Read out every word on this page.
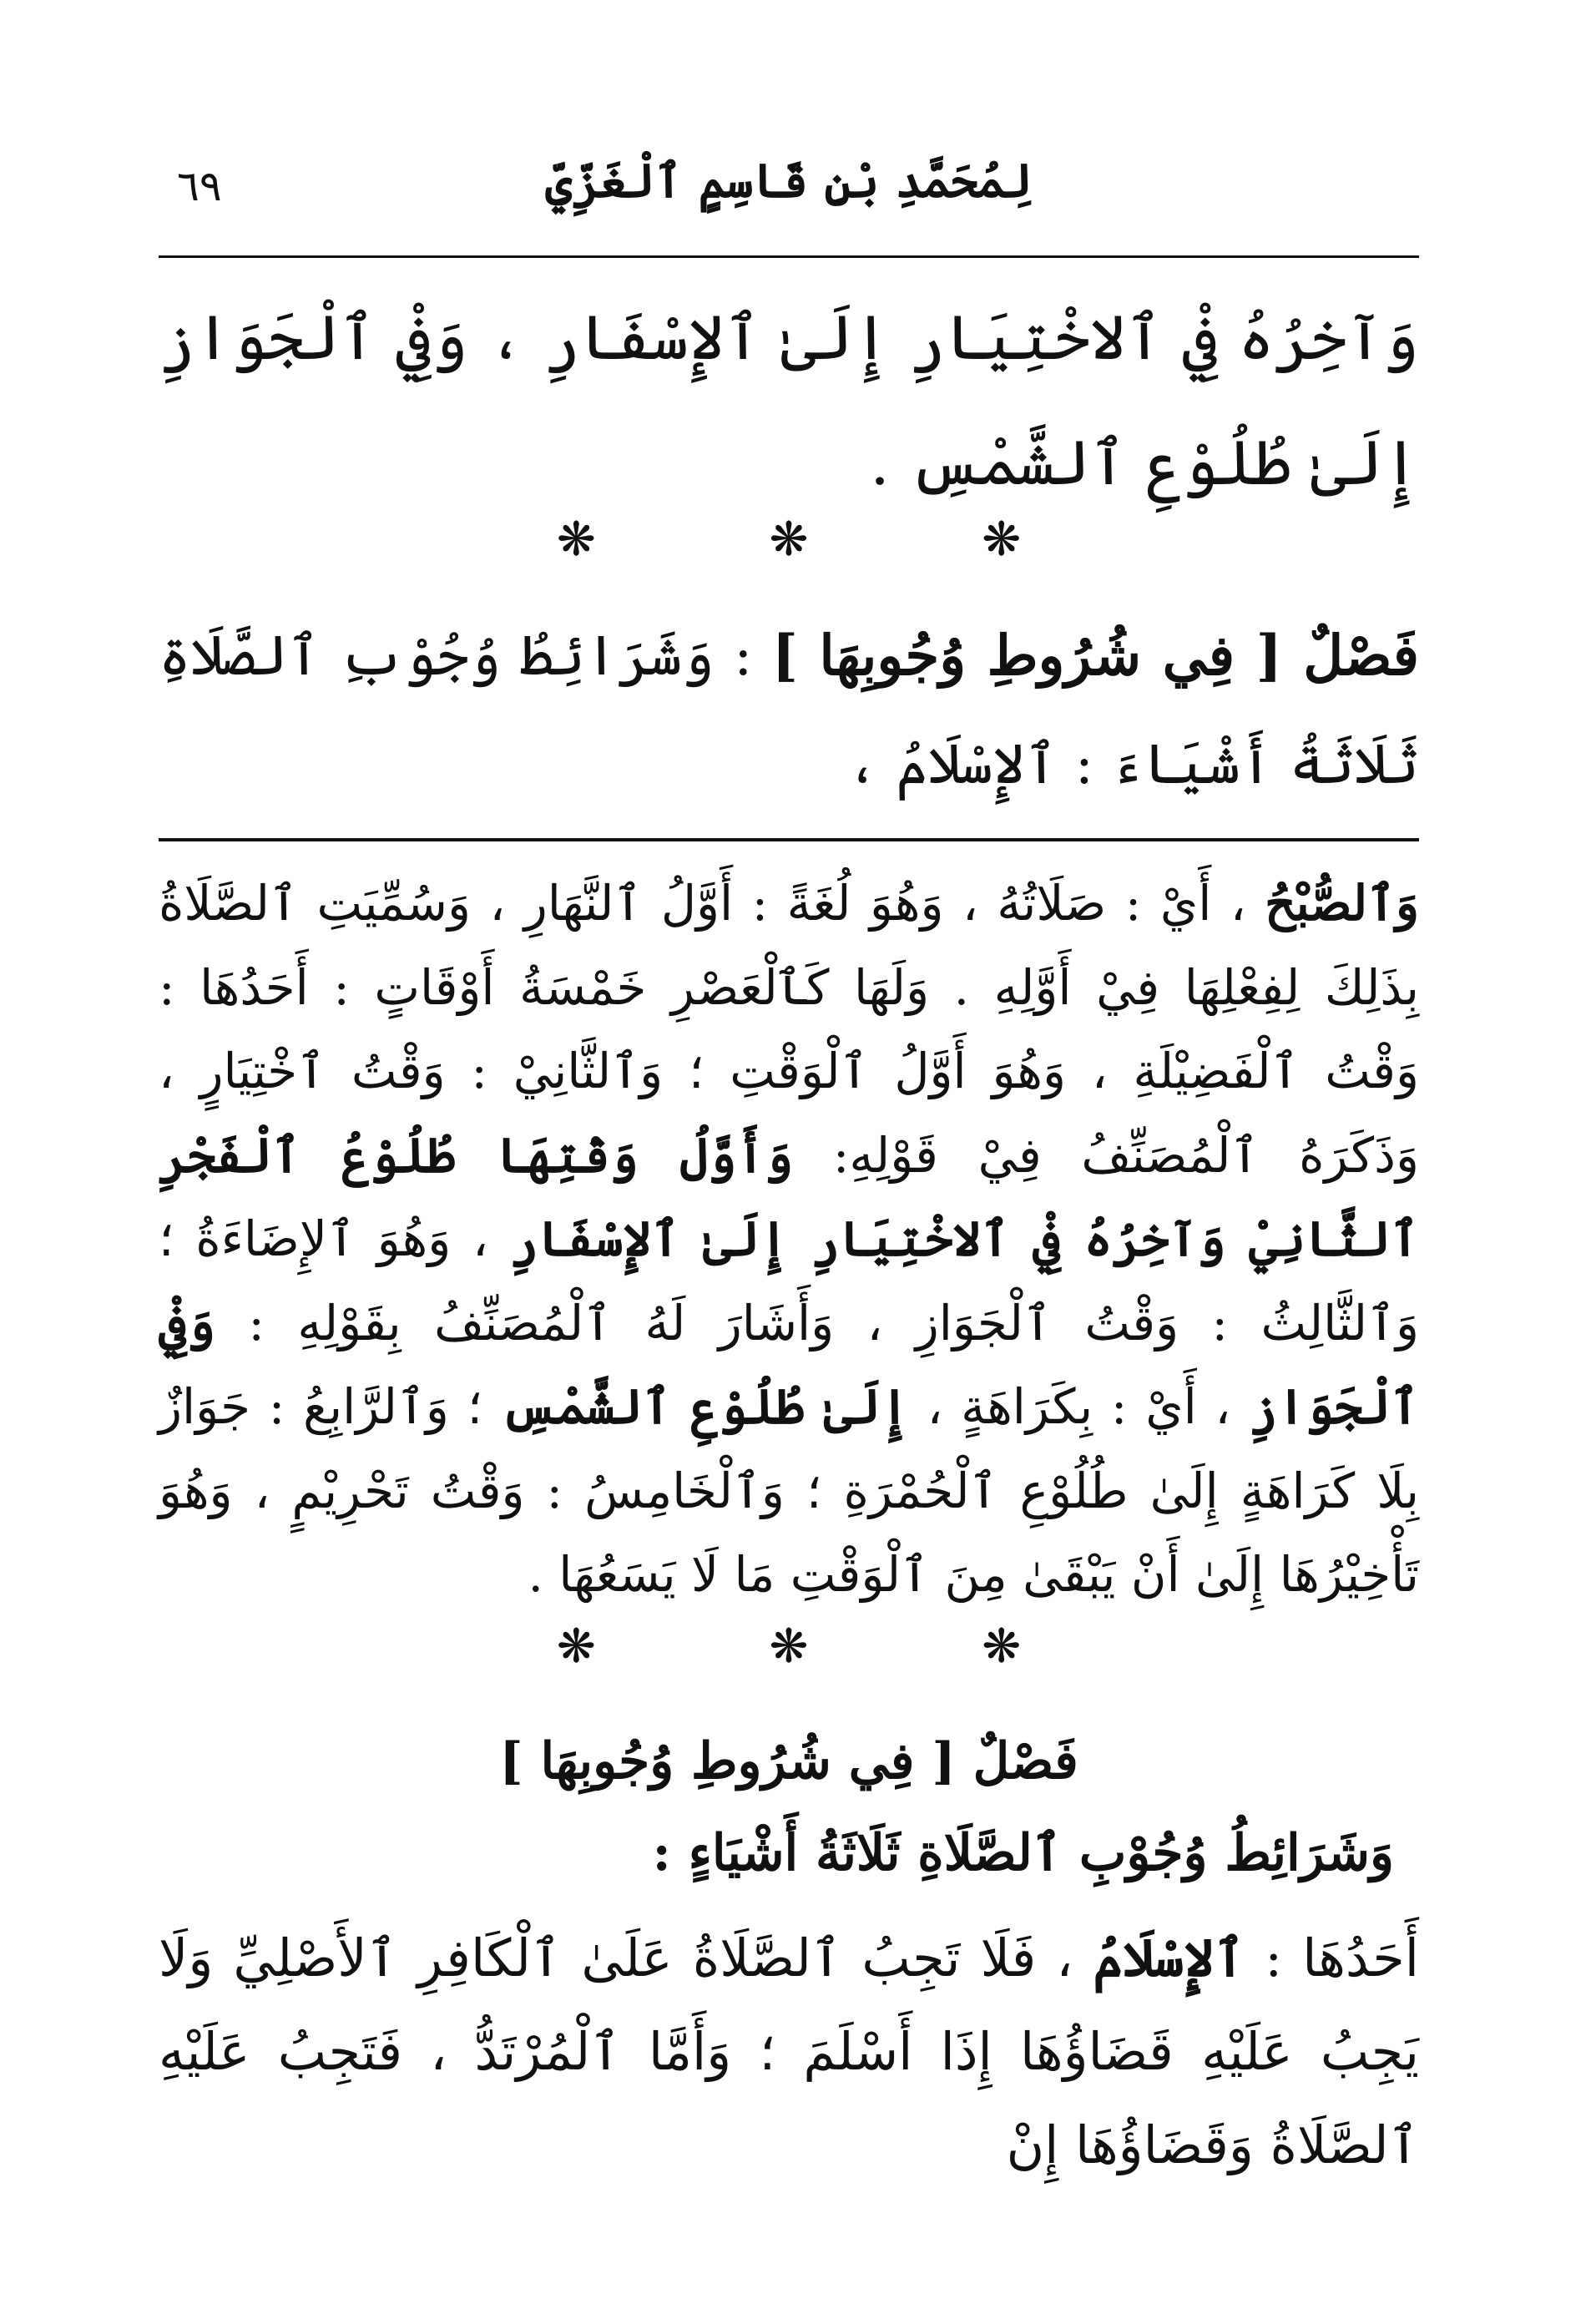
٦٩	لِمُحَمَّدِ بْنِ قَاسِمٍ ٱلْغَزِّيِّ
وَآخِرُهُ فِيْ ٱلاخْتِيَارِ إِلَىٰ ٱلإِسْفَارِ ، وَفِيْ ٱلْجَوَازِ إِلَىٰ طُلُوْعِ ٱلشَّمْسِ .
❋ ❋ ❋
فَصْلٌ [ فِي شُرُوطِ وُجُوبِهَا ] : وَشَرَائِطُ وُجُوْبِ ٱلصَّلَاةِ ثَلَاثَةُ أَشْيَاءَ : ٱلإِسْلَامُ ،

وَٱلصُّبْحُ ، أَيْ : صَلَاتُهُ ، وَهُوَ لُغَةً : أَوَّلُ ٱلنَّهَارِ ، وَسُمِّيَتِ ٱلصَّلَاةُ بِذَلِكَ لِفِعْلِهَا فِيْ أَوَّلِهِ . وَلَهَا كَٱلْعَصْرِ خَمْسَةُ أَوْقَاتٍ : أَحَدُهَا : وَقْتُ ٱلْفَضِيْلَةِ ، وَهُوَ أَوَّلُ ٱلْوَقْتِ ؛ وَٱلثَّانِيْ : وَقْتُ ٱخْتِيَارٍ ، وَذَكَرَهُ ٱلْمُصَنِّفُ فِيْ قَوْلِهِ: وَأَوَّلُ وَقْتِهَا طُلُوْعُ ٱلْفَجْرِ ٱلثَّانِيْ وَآخِرُهُ فِيْ ٱلاخْتِيَارِ إِلَىٰ ٱلإِسْفَارِ ، وَهُوَ ٱلإِضَاءَةُ ؛ وَٱلثَّالِثُ : وَقْتُ ٱلْجَوَازِ ، وَأَشَارَ لَهُ ٱلْمُصَنِّفُ بِقَوْلِهِ : وَفِيْ ٱلْجَوَازِ ، أَيْ : بِكَرَاهَةٍ ، إِلَىٰ طُلُوْعِ ٱلشَّمْسِ ؛ وَٱلرَّابِعُ : جَوَازٌ بِلَا كَرَاهَةٍ إِلَىٰ طُلُوْعِ ٱلْحُمْرَةِ ؛ وَٱلْخَامِسُ : وَقْتُ تَحْرِيْمٍ ، وَهُوَ تَأْخِيْرُهَا إِلَىٰ أَنْ يَبْقَىٰ مِنَ ٱلْوَقْتِ مَا لَا يَسَعُهَا .

❋ ❋ ❋
فَصْلٌ [ فِي شُرُوطِ وُجُوبِهَا ]
وَشَرَائِطُ وُجُوْبِ ٱلصَّلَاةِ ثَلَاثَةُ أَشْيَاءٍ :
أَحَدُهَا : ٱلإِسْلَامُ ، فَلَا تَجِبُ ٱلصَّلَاةُ عَلَىٰ ٱلْكَافِرِ ٱلأَصْلِيِّ وَلَا يَجِبُ عَلَيْهِ قَضَاؤُهَا إِذَا أَسْلَمَ ؛ وَأَمَّا ٱلْمُرْتَدُّ ، فَتَجِبُ عَلَيْهِ ٱلصَّلَاةُ وَقَضَاؤُهَا إِنْ
